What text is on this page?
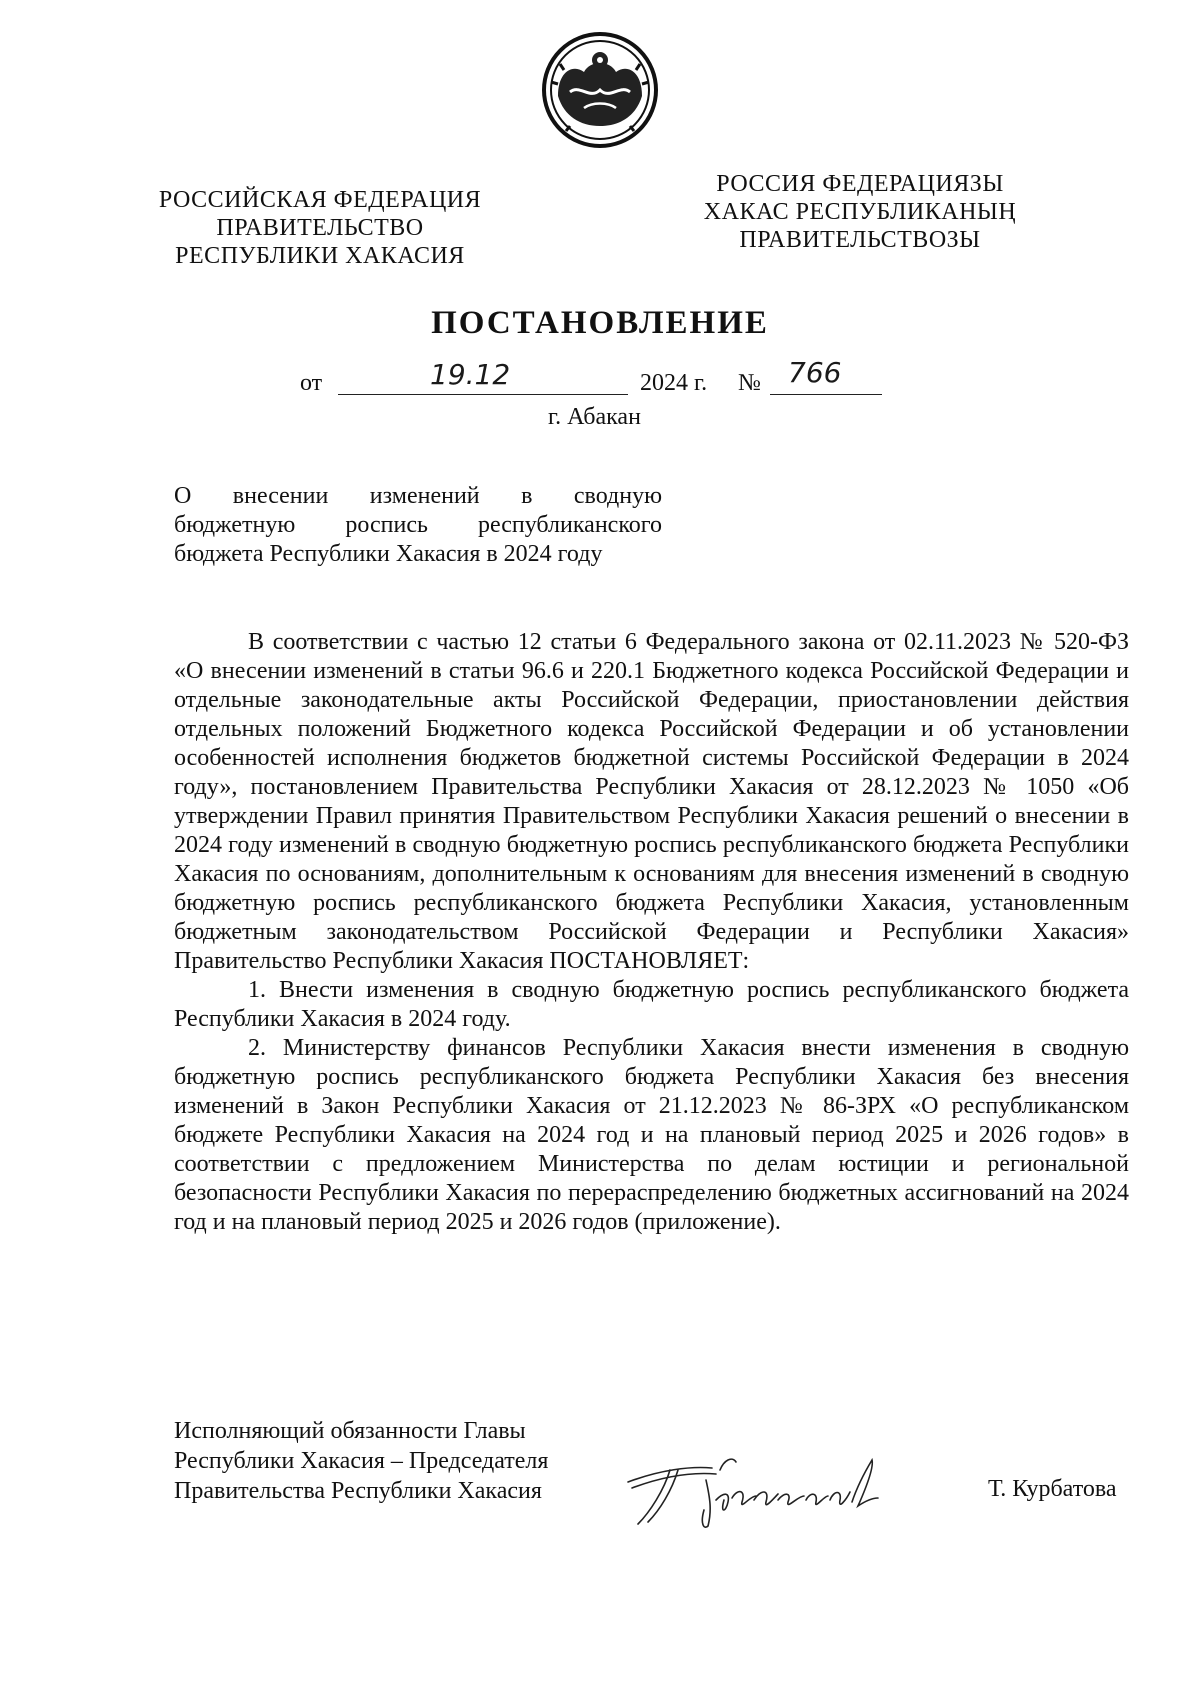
РОССИЙСКАЯ ФЕДЕРАЦИЯ
ПРАВИТЕЛЬСТВО
РЕСПУБЛИКИ ХАКАСИЯ
РОССИЯ ФЕДЕРАЦИЯЗЫ
ХАКАС РЕСПУБЛИКАНЫҢ
ПРАВИТЕЛЬСТВОЗЫ
ПОСТАНОВЛЕНИЕ
от	19.12	2024 г. № 766
г. Абакан
О внесении изменений в сводную
бюджетную роспись республиканского
бюджета Республики Хакасия в 2024 году

В соответствии с частью 12 статьи 6 Федерального закона от 02.11.2023 № 520-ФЗ «О внесении изменений в статьи 96.6 и 220.1 Бюджетного кодекса Российской Федерации и отдельные законодательные акты Российской Федерации, приостановлении действия отдельных положений Бюджетного кодекса Российской Федерации и об установлении особенностей исполнения бюджетов бюджетной системы Российской Федерации в 2024 году», постановлением Правительства Республики Хакасия от 28.12.2023 № 1050 «Об утверждении Правил принятия Правительством Республики Хакасия решений о внесении в 2024 году изменений в сводную бюджетную роспись республиканского бюджета Республики Хакасия по основаниям, дополнительным к основаниям для внесения изменений в сводную бюджетную роспись республиканского бюджета Республики Хакасия, установленным бюджетным законодательством Российской Федерации и Республики Хакасия» Правительство Республики Хакасия ПОСТАНОВЛЯЕТ:

1. Внести изменения в сводную бюджетную роспись республиканского бюджета Республики Хакасия в 2024 году.

2. Министерству финансов Республики Хакасия внести изменения в сводную бюджетную роспись республиканского бюджета Республики Хакасия без внесения изменений в Закон Республики Хакасия от 21.12.2023 № 86-ЗРХ «О республиканском бюджете Республики Хакасия на 2024 год и на плановый период 2025 и 2026 годов» в соответствии с предложением Министерства по делам юстиции и региональной безопасности Республики Хакасия по перераспределению бюджетных ассигнований на 2024 год и на плановый период 2025 и 2026 годов (приложение).

Исполняющий обязанности Главы
Республики Хакасия – Председателя
Правительства Республики Хакасия	Т. Курбатова
